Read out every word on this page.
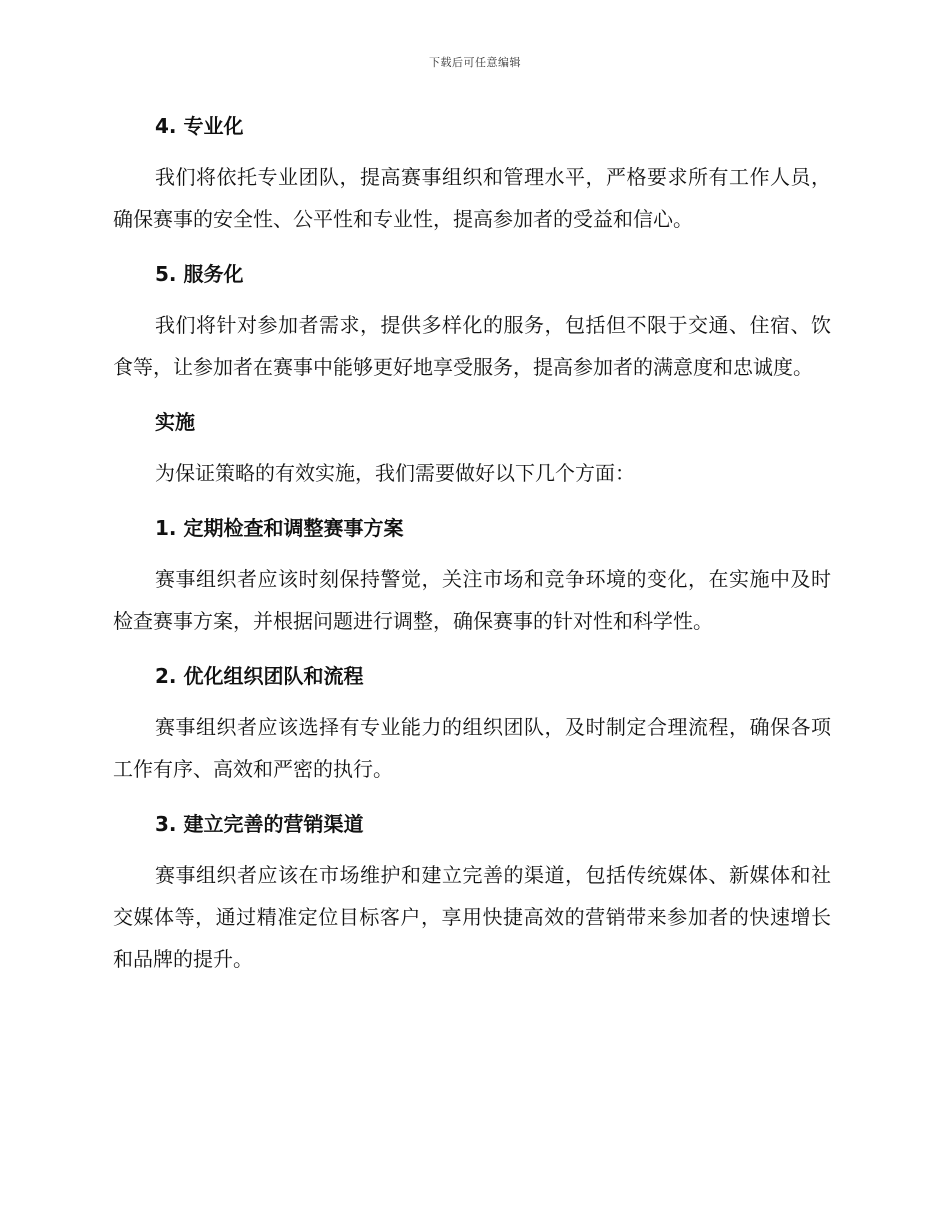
下载后可任意编辑
4. 专业化

我们将依托专业团队，提高赛事组织和管理水平，严格要求所有工作人员，确保赛事的安全性、公平性和专业性，提高参加者的受益和信心。

5. 服务化

我们将针对参加者需求，提供多样化的服务，包括但不限于交通、住宿、饮食等，让参加者在赛事中能够更好地享受服务，提高参加者的满意度和忠诚度。

实施

为保证策略的有效实施，我们需要做好以下几个方面：

1. 定期检查和调整赛事方案

赛事组织者应该时刻保持警觉，关注市场和竞争环境的变化，在实施中及时检查赛事方案，并根据问题进行调整，确保赛事的针对性和科学性。

2. 优化组织团队和流程

赛事组织者应该选择有专业能力的组织团队，及时制定合理流程，确保各项工作有序、高效和严密的执行。

3. 建立完善的营销渠道

赛事组织者应该在市场维护和建立完善的渠道，包括传统媒体、新媒体和社交媒体等，通过精准定位目标客户，享用快捷高效的营销带来参加者的快速增长和品牌的提升。
